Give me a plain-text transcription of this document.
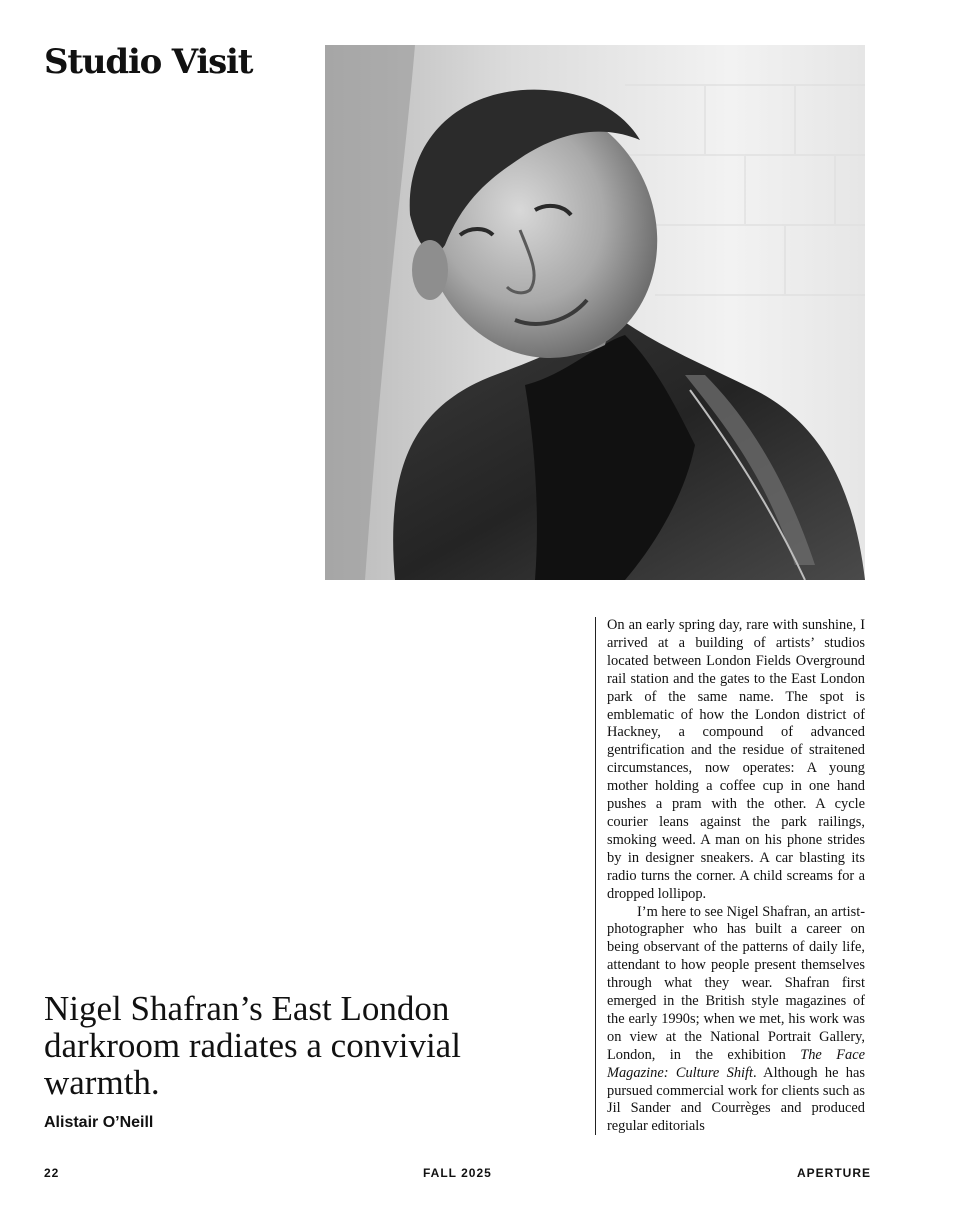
Studio Visit

On an early spring day, rare with sunshine, I arrived at a building of artists’ studios located between London Fields Overground rail station and the gates to the East London park of the same name. The spot is emblematic of how the London district of Hackney, a compound of advanced gentrification and the residue of straitened circumstances, now operates: A young mother holding a coffee cup in one hand pushes a pram with the other. A cycle courier leans against the park railings, smoking weed. A man on his phone strides by in designer sneakers. A car blasting its radio turns the corner. A child screams for a dropped lollipop.

I’m here to see Nigel Shafran, an artist-photographer who has built a career on being observant of the patterns of daily life, attendant to how people present themselves through what they wear. Shafran first emerged in the British style magazines of the early 1990s; when we met, his work was on view at the National Portrait Gallery, London, in the exhibition The Face Magazine: Culture Shift. Although he has pursued commercial work for clients such as Jil Sander and Courrèges and produced regular editorials

Nigel Shafran’s East London darkroom radiates a convivial warmth.
Alistair O’Neill
22	FALL 2025	APERTURE
